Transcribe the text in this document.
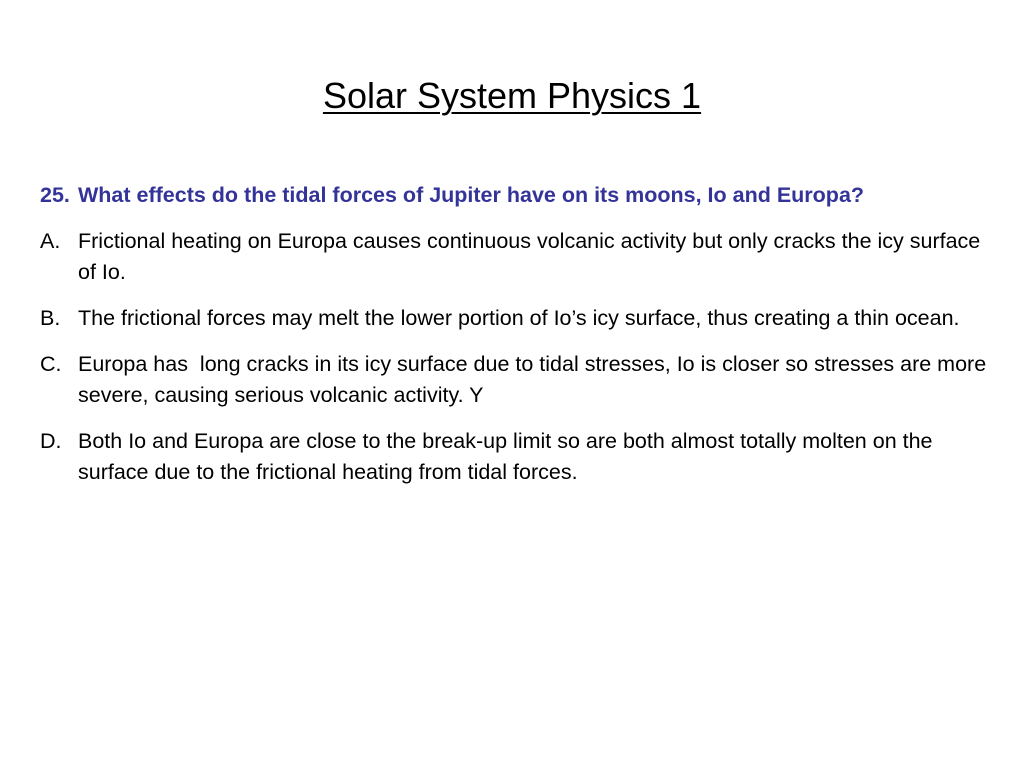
Solar System Physics 1
25. What effects do the tidal forces of Jupiter have on its moons, Io and Europa?
A. Frictional heating on Europa causes continuous volcanic activity but only cracks the icy surface of Io.
B. The frictional forces may melt the lower portion of Io’s icy surface, thus creating a thin ocean.
C. Europa has  long cracks in its icy surface due to tidal stresses, Io is closer so stresses are more severe, causing serious volcanic activity. Y
D. Both Io and Europa are close to the break-up limit so are both almost totally molten on the surface due to the frictional heating from tidal forces.
